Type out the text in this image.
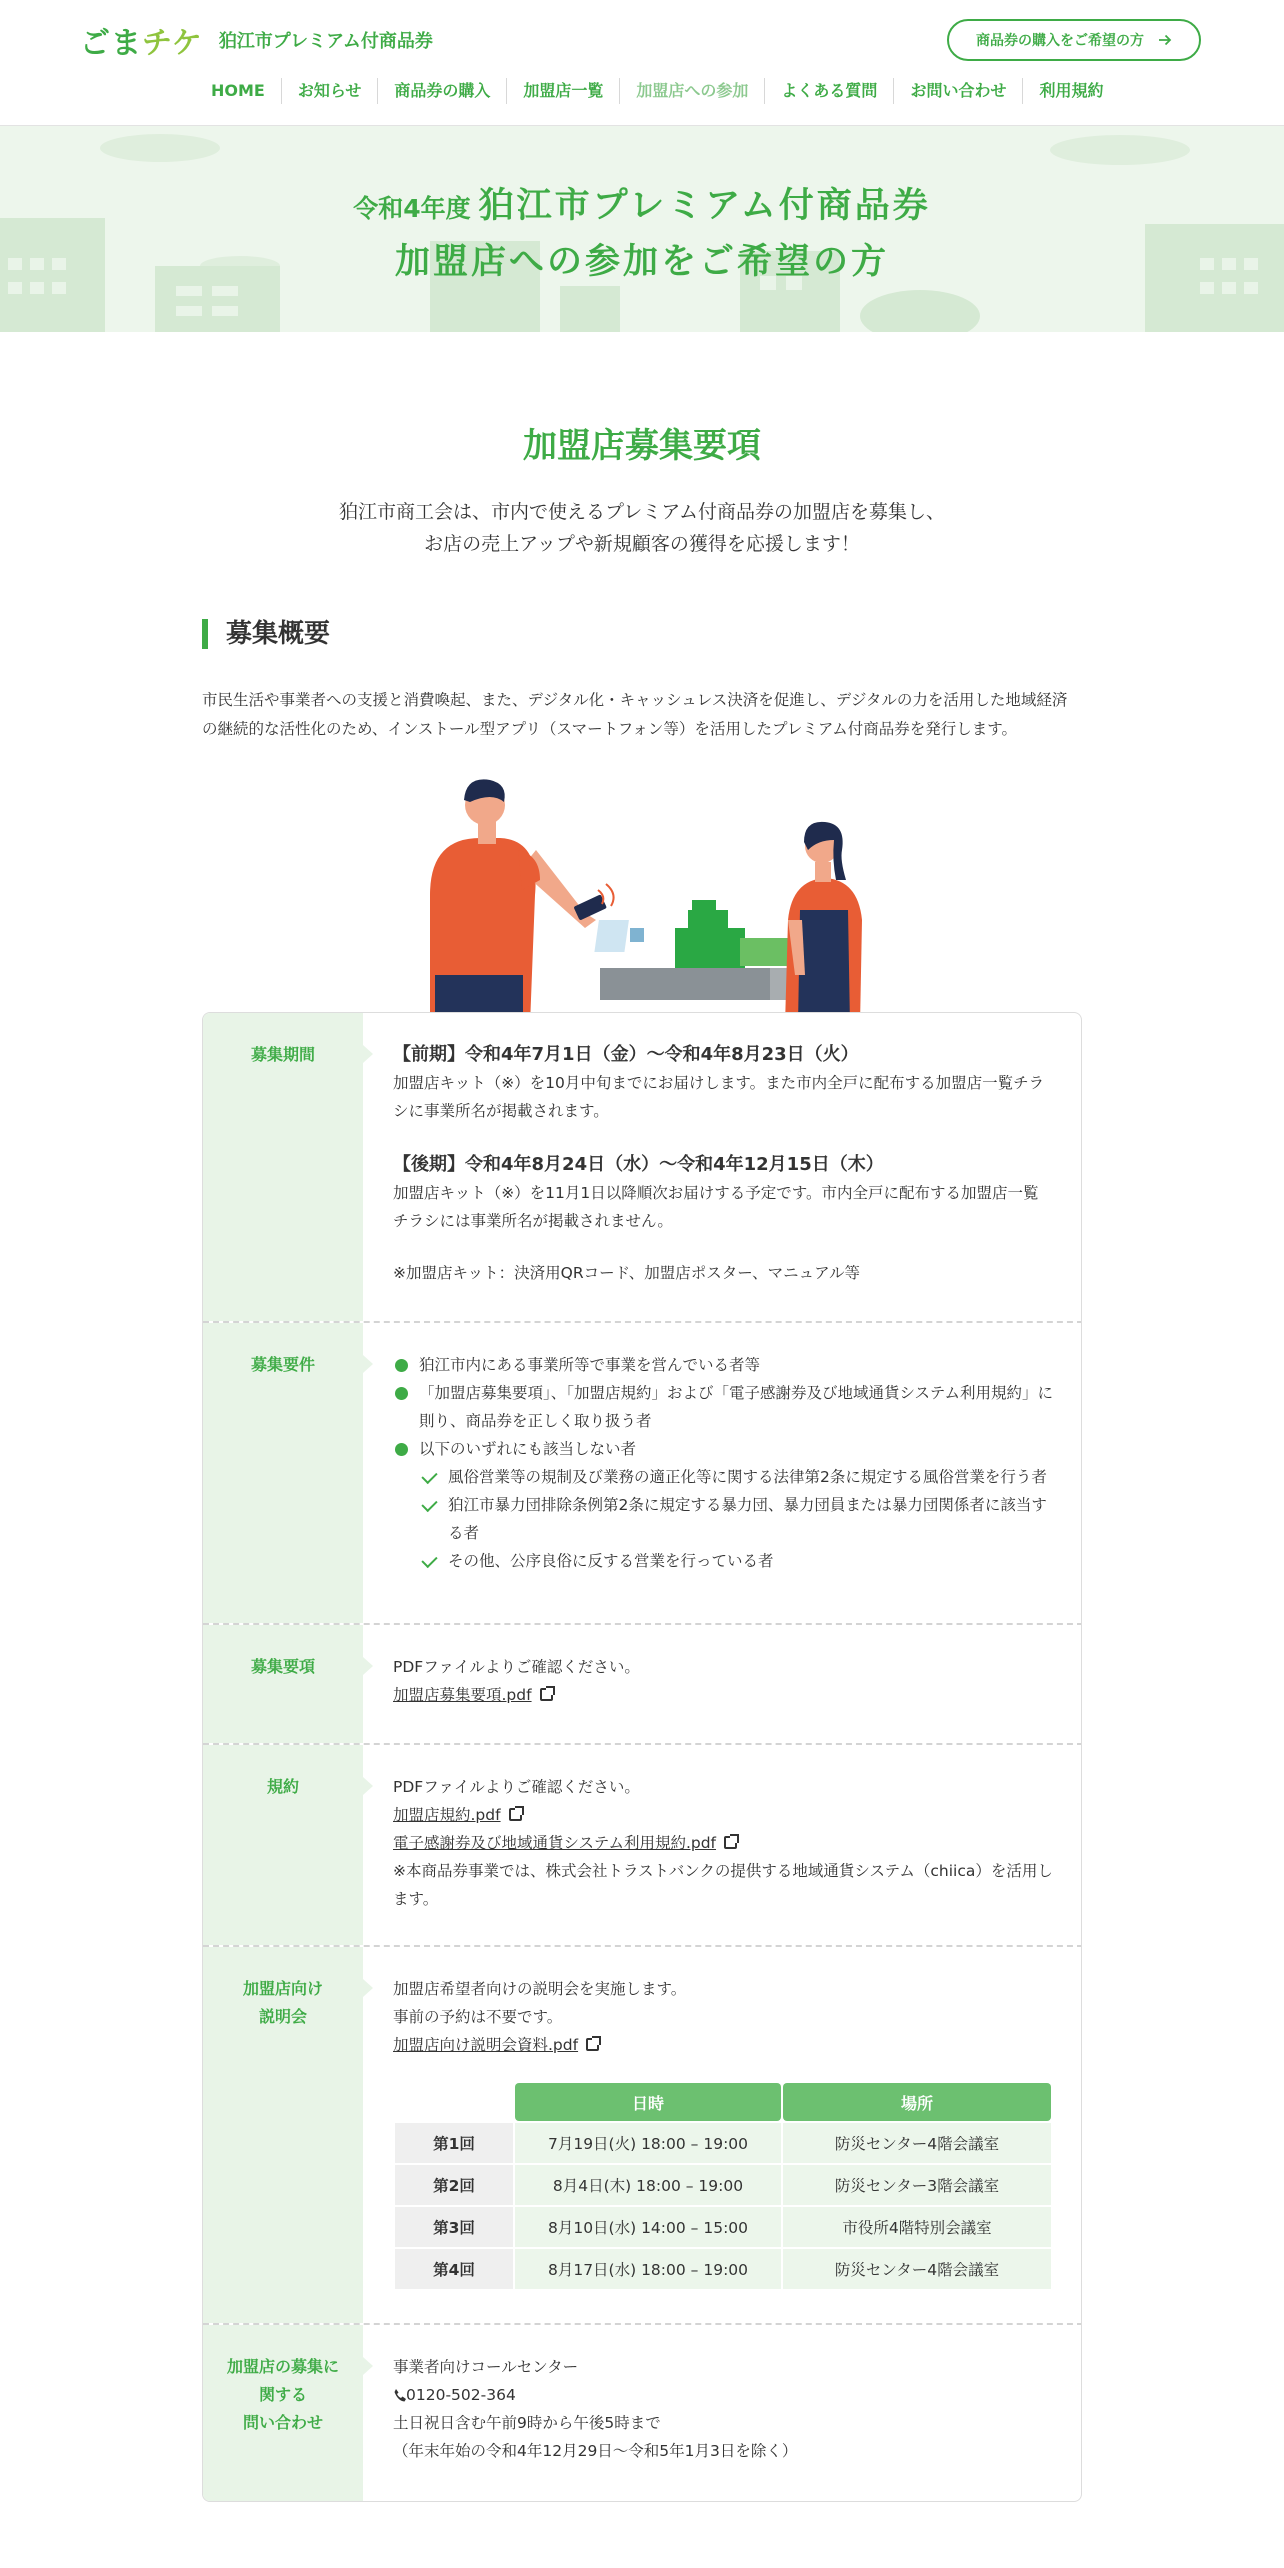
ごまチケ 狛江市プレミアム付商品券	商品券の購入をご希望の方
HOME	お知らせ	商品券の購入	加盟店一覧	加盟店への参加	よくある質問	お問い合わせ	利用規約
令和4年度 狛江市プレミアム付商品券
加盟店への参加をご希望の方
加盟店募集要項
狛江市商工会は、市内で使えるプレミアム付商品券の加盟店を募集し、
お店の売上アップや新規顧客の獲得を応援します！
募集概要

市民生活や事業者への支援と消費喚起、また、デジタル化・キャッシュレス決済を促進し、デジタルの力を活用した地域経済の継続的な活性化のため、インストール型アプリ（スマートフォン等）を活用したプレミアム付商品券を発行します。

募集期間	【前期】令和4年7月1日（金）〜令和4年8月23日（火）
加盟店キット（※）を10月中旬までにお届けします。また市内全戸に配布する加盟店一覧チラシに事業所名が掲載されます。
【後期】令和4年8月24日（水）〜令和4年12月15日（木）
加盟店キット（※）を11月1日以降順次お届けする予定です。市内全戸に配布する加盟店一覧チラシには事業所名が掲載されません。
※加盟店キット：決済用QRコード、加盟店ポスター、マニュアル等
募集要件	狛江市内にある事業所等で事業を営んでいる者等
「加盟店募集要項」、「加盟店規約」および「電子感謝券及び地域通貨システム利用規約」に則り、商品券を正しく取り扱う者
以下のいずれにも該当しない者
風俗営業等の規制及び業務の適正化等に関する法律第2条に規定する風俗営業を行う者
狛江市暴力団排除条例第2条に規定する暴力団、暴力団員または暴力団関係者に該当する者
その他、公序良俗に反する営業を行っている者
募集要項	PDFファイルよりご確認ください。
加盟店募集要項.pdf
規約	PDFファイルよりご確認ください。
加盟店規約.pdf
電子感謝券及び地域通貨システム利用規約.pdf
※本商品券事業では、株式会社トラストバンクの提供する地域通貨システム（chiica）を活用します。
加盟店向け
説明会
加盟店希望者向けの説明会を実施します。
事前の予約は不要です。
加盟店向け説明会資料.pdf
	日時	場所
第1回	7月19日(火) 18:00 – 19:00	防災センター4階会議室
第2回	8月4日(木) 18:00 – 19:00	防災センター3階会議室
第3回	8月10日(水) 14:00 – 15:00	市役所4階特別会議室
第4回	8月17日(水) 18:00 – 19:00	防災センター4階会議室
加盟店の募集に
関する
問い合わせ
事業者向けコールセンター
0120-502-364
土日祝日含む午前9時から午後5時まで
（年末年始の令和4年12月29日〜令和5年1月3日を除く）
